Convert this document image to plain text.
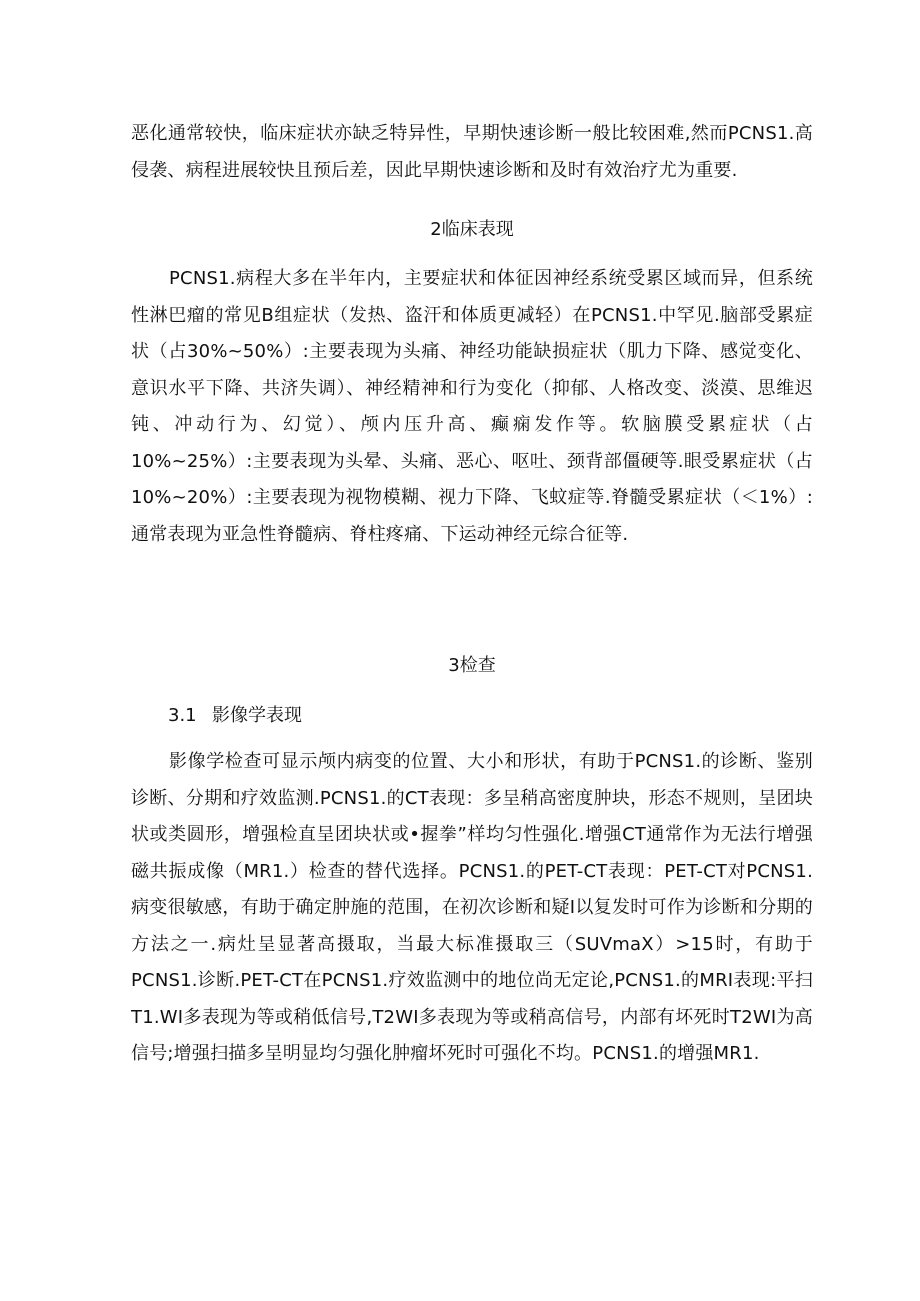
恶化通常较快，临床症状亦缺乏特异性，早期快速诊断一般比较困难,然而PCNS1.高侵袭、病程进展较快且预后差，因此早期快速诊断和及时有效治疗尤为重要.

2临床表现

PCNS1.病程大多在半年内，主要症状和体征因神经系统受累区域而异，但系统性淋巴瘤的常见B组症状（发热、盗汗和体质更减轻）在PCNS1.中罕见.脑部受累症状（占30%~50%）:主要表现为头痛、神经功能缺损症状（肌力下降、感觉变化、意识水平下降、共济失调）、神经精神和行为变化（抑郁、人格改变、淡漠、思维迟钝、冲动行为、幻觉）、颅内压升高、癫痫发作等。软脑膜受累症状（占10%~25%）:主要表现为头晕、头痛、恶心、呕吐、颈背部僵硬等.眼受累症状（占10%~20%）:主要表现为视物模糊、视力下降、飞蚊症等.脊髓受累症状（＜1%）:通常表现为亚急性脊髓病、脊柱疼痛、下运动神经元综合征等.

3检查
3.1 影像学表现

影像学检查可显示颅内病变的位置、大小和形状，有助于PCNS1.的诊断、鉴别诊断、分期和疗效监测.PCNS1.的CT表现：多呈稍高密度肿块，形态不规则，呈团块状或类圆形，增强检直呈团块状或•握拳”样均匀性强化.增强CT通常作为无法行增强磁共振成像（MR1.）检查的替代选择。PCNS1.的PET-CT表现：PET-CT对PCNS1.病变很敏感，有助于确定肿施的范围，在初次诊断和疑I以复发时可作为诊断和分期的方法之一.病灶呈显著高摄取，当最大标准摄取三（SUVmaX）>15时，有助于PCNS1.诊断.PET-CT在PCNS1.疗效监测中的地位尚无定论,PCNS1.的MRI表现:平扫T1.WI多表现为等或稍低信号,T2WI多表现为等或稍高信号，内部有坏死时T2WI为高信号;增强扫描多呈明显均匀强化肿瘤坏死时可强化不均。PCNS1.的增强MR1.
